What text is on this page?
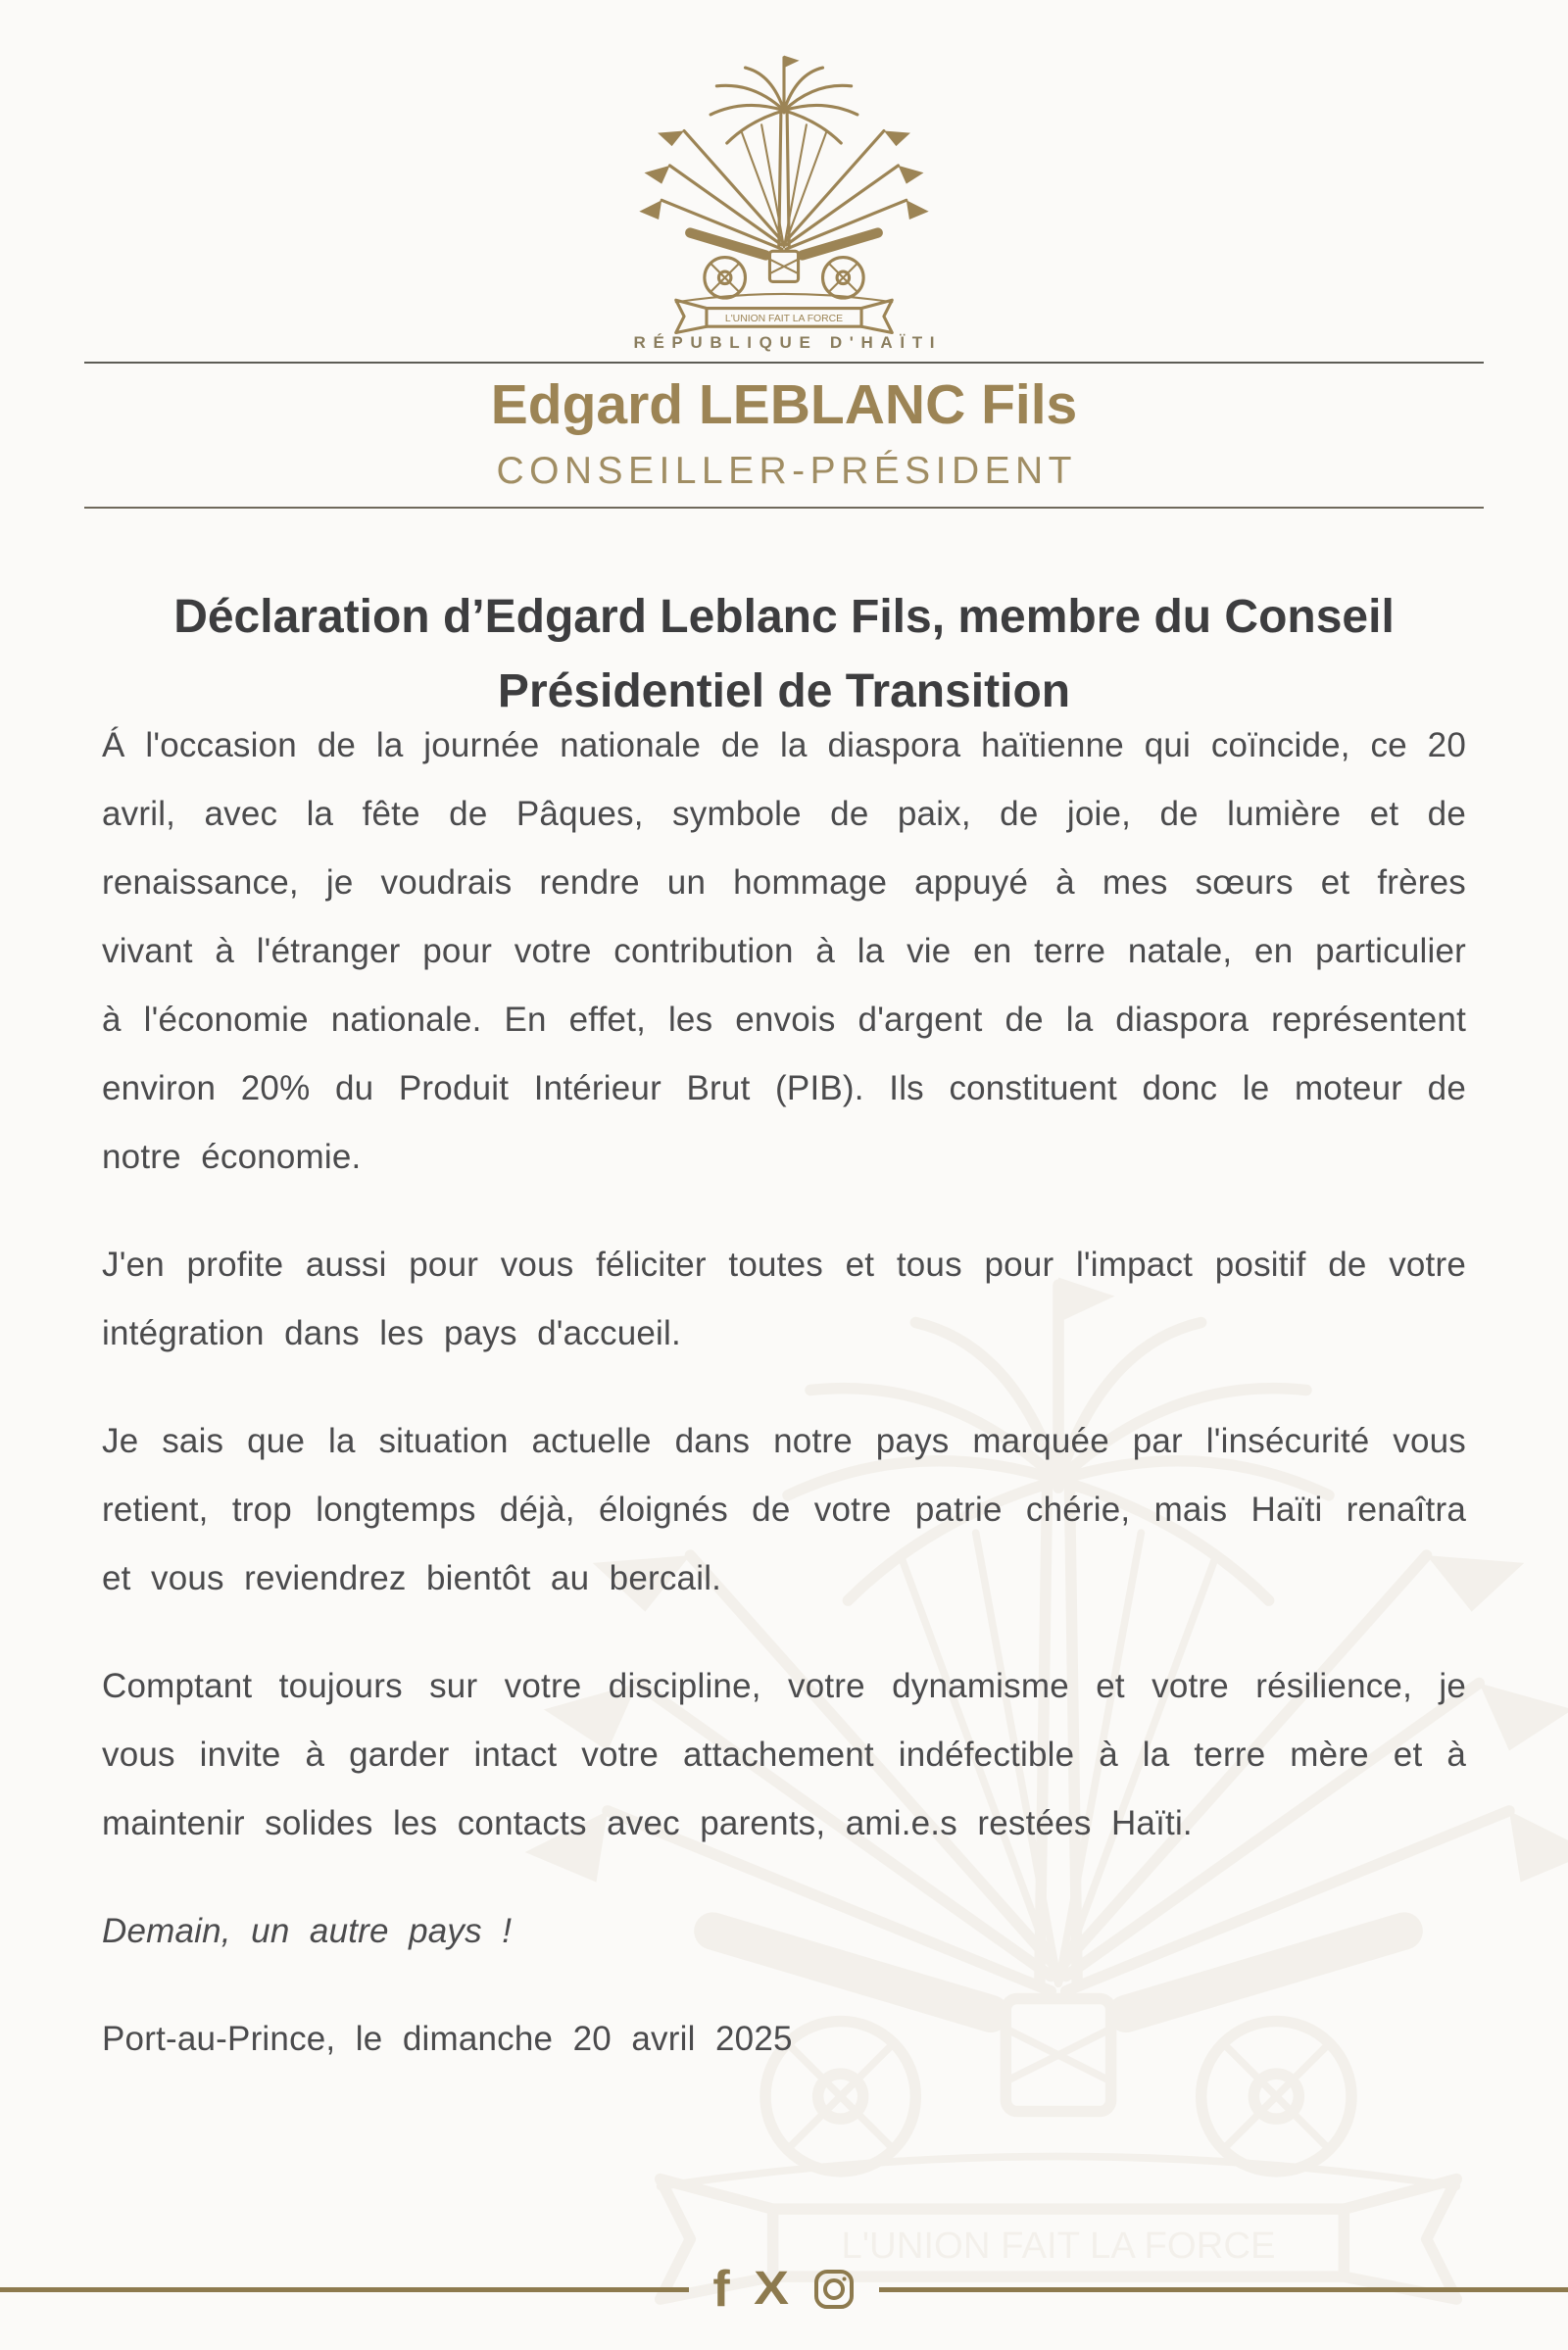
RÉPUBLIQUE D'HAÏTI
Edgard LEBLANC Fils
CONSEILLER-PRÉSIDENT
Déclaration d’Edgard Leblanc Fils, membre du Conseil Présidentiel de Transition

Á l'occasion de la journée nationale de la diaspora haïtienne qui coïncide, ce 20 avril, avec la fête de Pâques, symbole de paix, de joie, de lumière et de renaissance, je voudrais rendre un hommage appuyé à mes sœurs et frères vivant à l'étranger pour votre contribution à la vie en terre natale, en particulier à l'économie nationale. En effet, les envois d'argent de la diaspora représentent environ 20% du Produit Intérieur Brut (PIB). Ils constituent donc le moteur de notre économie.

J'en profite aussi pour vous féliciter toutes et tous pour l'impact positif de votre intégration dans les pays d'accueil.

Je sais que la situation actuelle dans notre pays marquée par l'insécurité vous retient, trop longtemps déjà, éloignés de votre patrie chérie, mais Haïti renaîtra et vous reviendrez bientôt au bercail.

Comptant toujours sur votre discipline, votre dynamisme et votre résilience, je vous invite à garder intact votre attachement indéfectible à la terre mère et à maintenir solides les contacts avec parents, ami.e.s restées Haïti.

Demain, un autre pays !

Port-au-Prince, le dimanche 20 avril 2025

f X
